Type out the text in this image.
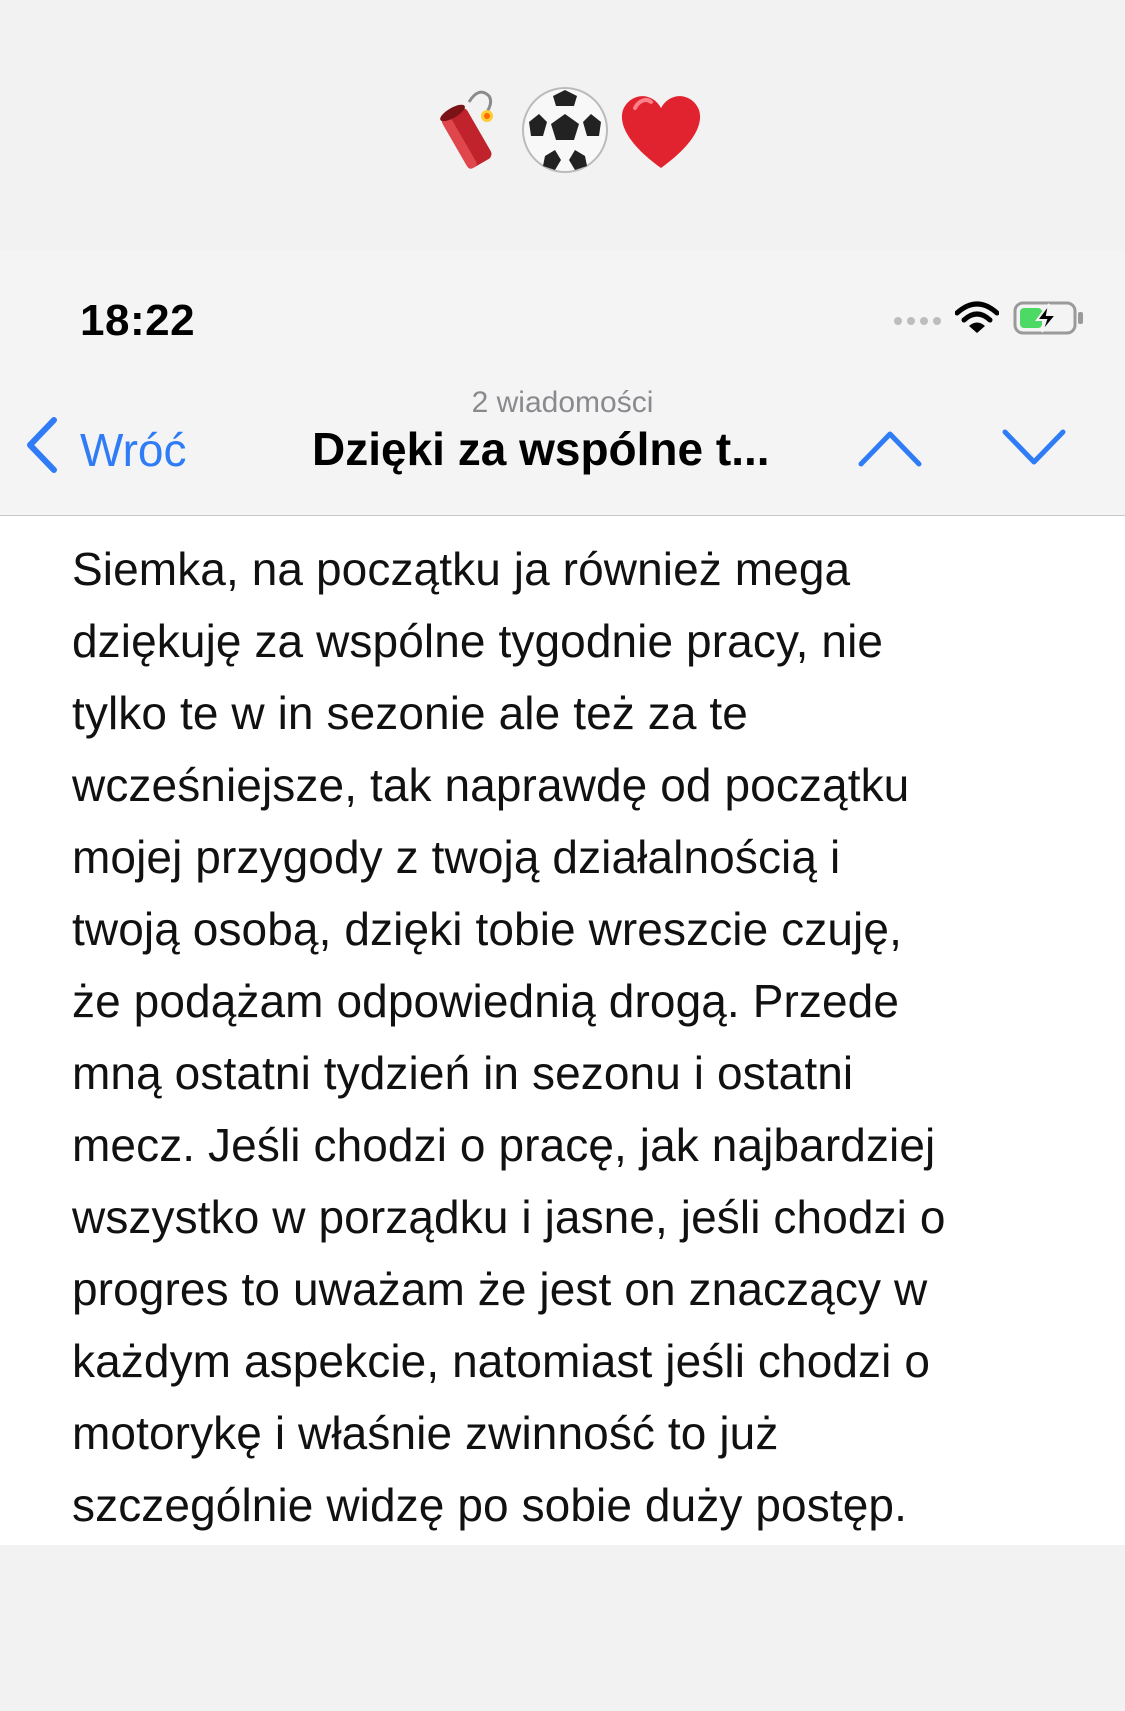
18:22
2 wiadomości
Wróć	Dzięki za wspólne t...
Siemka, na początku ja również mega
dziękuję za wspólne tygodnie pracy, nie
tylko te w in sezonie ale też za te
wcześniejsze, tak naprawdę od początku
mojej przygody z twoją działalnością i
twoją osobą, dzięki tobie wreszcie czuję,
że podążam odpowiednią drogą. Przede
mną ostatni tydzień in sezonu i ostatni
mecz. Jeśli chodzi o pracę, jak najbardziej
wszystko w porządku i jasne, jeśli chodzi o
progres to uważam że jest on znaczący w
każdym aspekcie, natomiast jeśli chodzi o
motorykę i właśnie zwinność to już
szczególnie widzę po sobie duży postęp.
